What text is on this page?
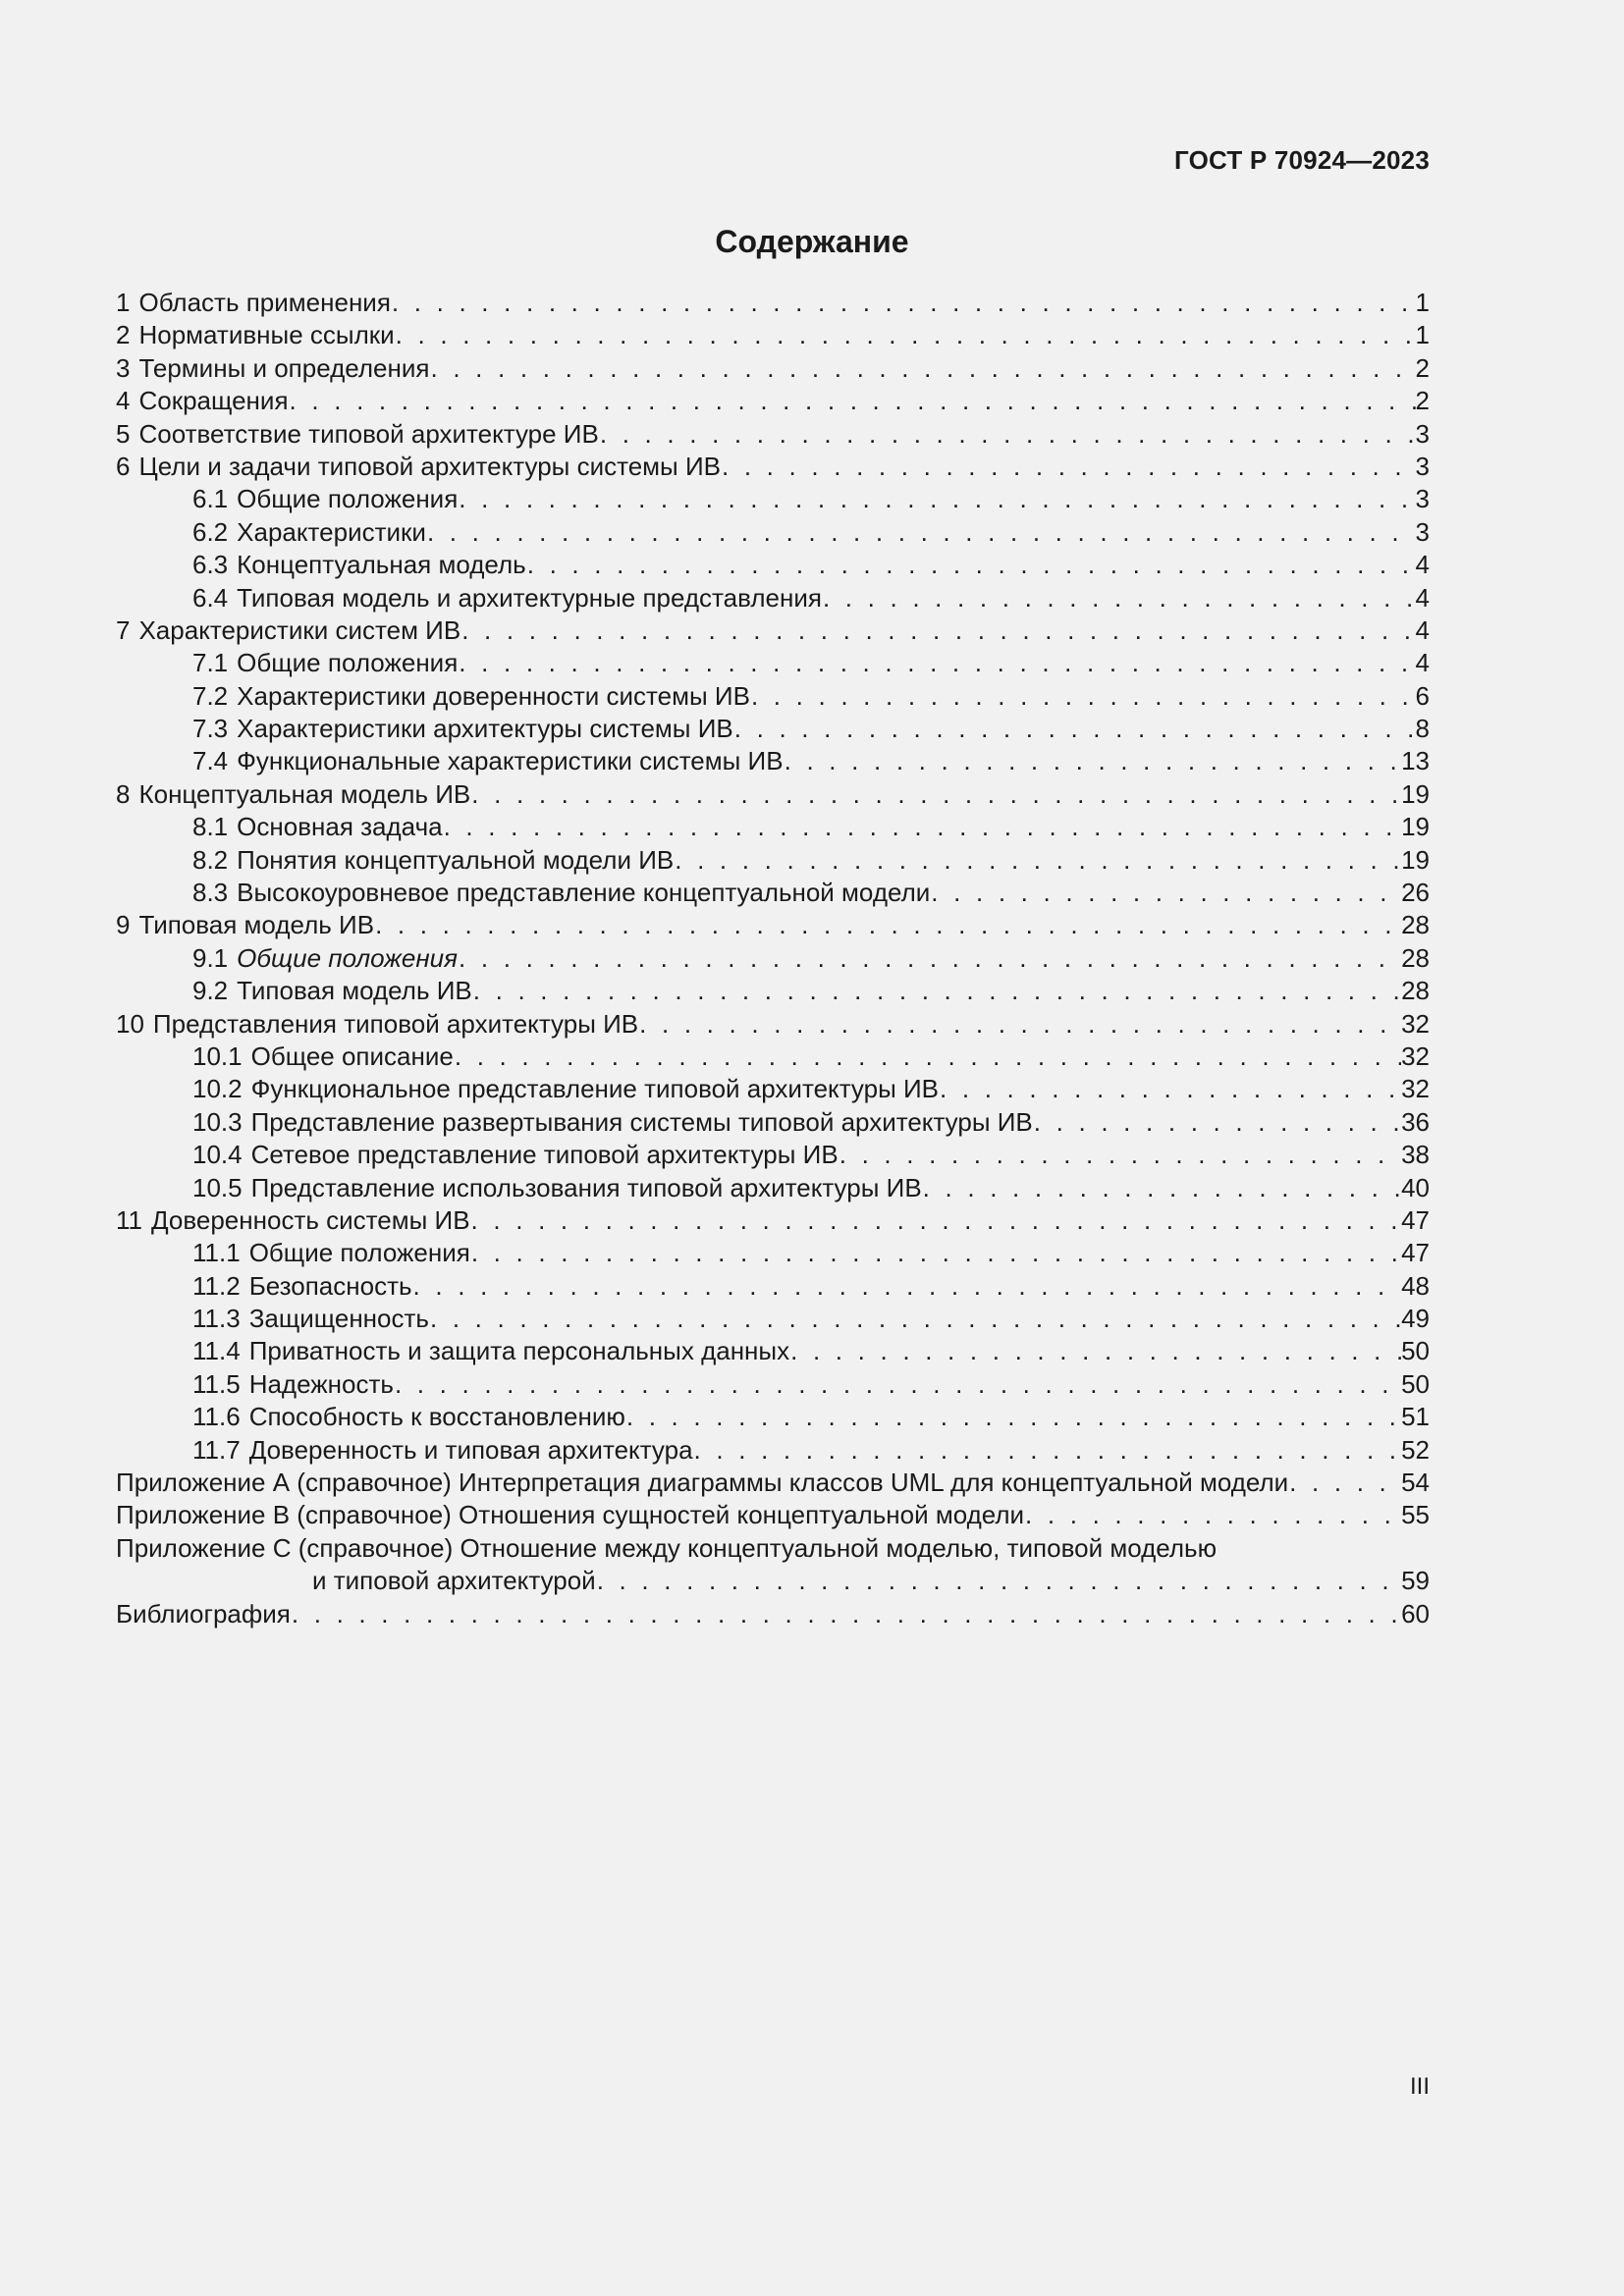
ГОСТ Р 70924—2023
Содержание
1 Область применения . . .	1
2 Нормативные ссылки . . .	1
3 Термины и определения . . .	2
4 Сокращения . . .	2
5 Соответствие типовой архитектуре ИВ . . .	3
6 Цели и задачи типовой архитектуры системы ИВ . . .	3
6.1 Общие положения . . .	3
6.2 Характеристики . . .	3
6.3 Концептуальная модель . . .	4
6.4 Типовая модель и архитектурные представления . . .	4
7 Характеристики систем ИВ . . .	4
7.1 Общие положения . . .	4
7.2 Характеристики доверенности системы ИВ . . .	6
7.3 Характеристики архитектуры системы ИВ . . .	8
7.4 Функциональные характеристики системы ИВ . . .	13
8 Концептуальная модель ИВ . . .	19
8.1 Основная задача . . .	19
8.2 Понятия концептуальной модели ИВ . . .	19
8.3 Высокоуровневое представление концептуальной модели . . .	26
9 Типовая модель ИВ . . .	28
9.1 Общие положения . . .	28
9.2 Типовая модель ИВ . . .	28
10 Представления типовой архитектуры ИВ . . .	32
10.1 Общее описание . . .	32
10.2 Функциональное представление типовой архитектуры ИВ . . .	32
10.3 Представление развертывания системы типовой архитектуры ИВ . . .	36
10.4 Сетевое представление типовой архитектуры ИВ . . .	38
10.5 Представление использования типовой архитектуры ИВ . . .	40
11 Доверенность системы ИВ . . .	47
11.1 Общие положения . . .	47
11.2 Безопасность . . .	48
11.3 Защищенность . . .	49
11.4 Приватность и защита персональных данных . . .	50
11.5 Надежность . . .	50
11.6 Способность к восстановлению . . .	51
11.7 Доверенность и типовая архитектура . . .	52
Приложение А (справочное) Интерпретация диаграммы классов UML для концептуальной модели . . .	54
Приложение В (справочное) Отношения сущностей концептуальной модели . . .	55
Приложение С (справочное) Отношение между концептуальной моделью, типовой моделью
и типовой архитектурой . . .	59
Библиография . . .	60
III
